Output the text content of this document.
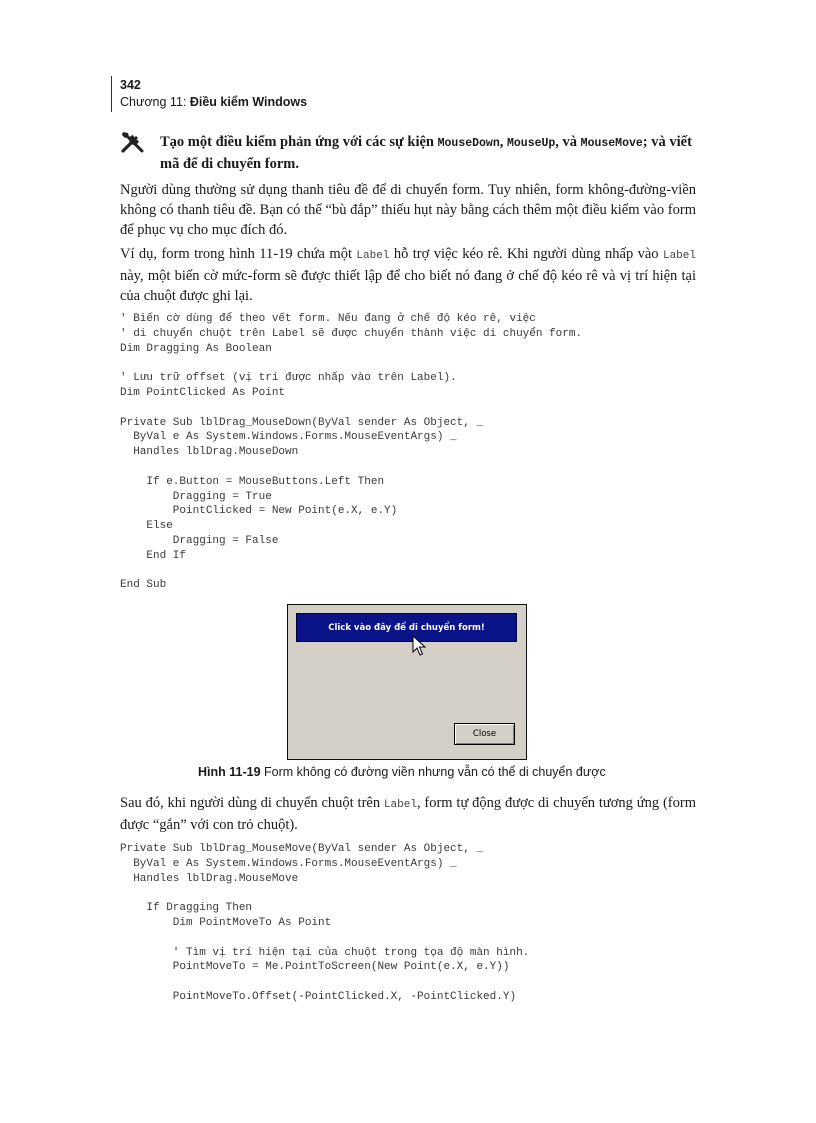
342
Chương 11: Điều kiểm Windows
Tạo một điều kiểm phản ứng với các sự kiện MouseDown, MouseUp, và MouseMove; và viết mã để di chuyển form.
Người dùng thường sử dụng thanh tiêu đề để di chuyển form. Tuy nhiên, form không-đường-viền không có thanh tiêu đề. Bạn có thể “bù đắp” thiếu hụt này bằng cách thêm một điều kiểm vào form để phục vụ cho mục đích đó.
Ví dụ, form trong hình 11-19 chứa một Label hỗ trợ việc kéo rê. Khi người dùng nhấp vào Label này, một biến cờ mức-form sẽ được thiết lập để cho biết nó đang ở chế độ kéo rê và vị trí hiện tại của chuột được ghi lại.
' Biến cờ dùng để theo vết form. Nếu đang ở chế độ kéo rê, việc
' di chuyển chuột trên Label sẽ được chuyển thành việc di chuyển form.
Dim Dragging As Boolean

' Lưu trữ offset (vị trí được nhấp vào trên Label).
Dim PointClicked As Point

Private Sub lblDrag_MouseDown(ByVal sender As Object, _
ByVal e As System.Windows.Forms.MouseEventArgs) _
Handles lblDrag.MouseDown

If e.Button = MouseButtons.Left Then
Dragging = True
PointClicked = New Point(e.X, e.Y)
Else
Dragging = False
End If

End Sub
Click vào đây để di chuyển form!
Close
Hình 11-19 Form không có đường viền nhưng vẫn có thể di chuyển được
Sau đó, khi người dùng di chuyển chuột trên Label, form tự động được di chuyển tương ứng (form được “gắn” với con trỏ chuột).
Private Sub lblDrag_MouseMove(ByVal sender As Object, _
ByVal e As System.Windows.Forms.MouseEventArgs) _
Handles lblDrag.MouseMove

If Dragging Then
Dim PointMoveTo As Point

' Tìm vị trí hiện tại của chuột trong tọa độ màn hình.
PointMoveTo = Me.PointToScreen(New Point(e.X, e.Y))

PointMoveTo.Offset(-PointClicked.X, -PointClicked.Y)
